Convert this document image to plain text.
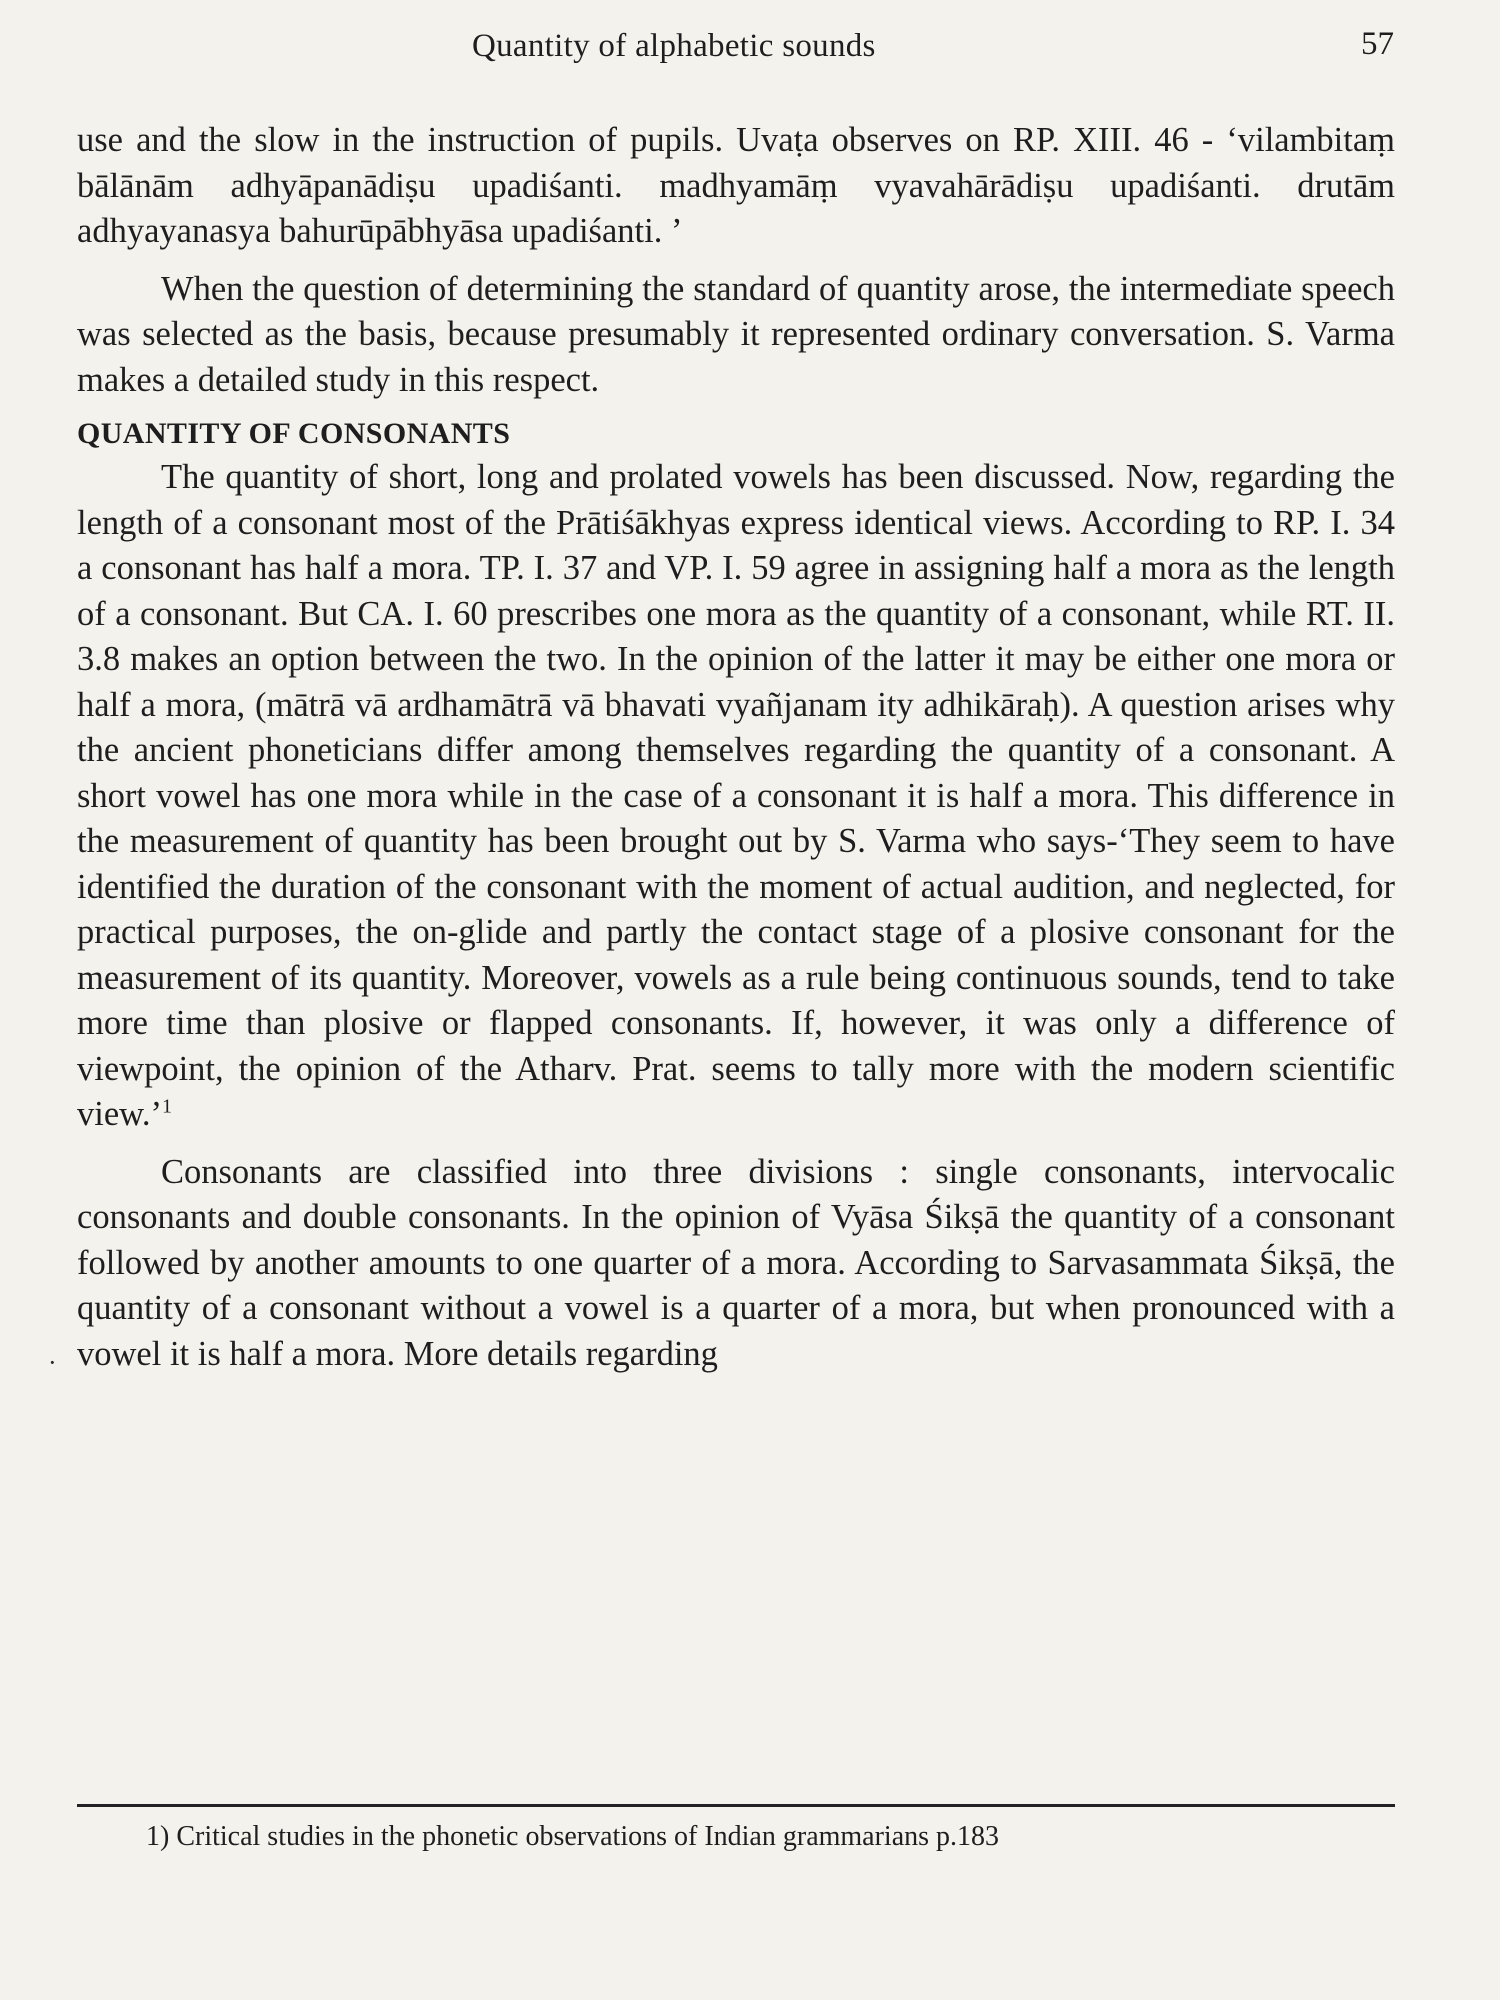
Quantity of alphabetic sounds	57

use and the slow in the instruction of pupils. Uvaṭa observes on RP. XIII. 46 - ‘vilambitaṃ bālānām adhyāpanādiṣu upadiśanti. madhyamāṃ vyavahārādiṣu upadiśanti. drutām adhyayanasya bahurūpābhyāsa upadiśanti. ’

When the question of determining the standard of quantity arose, the intermediate speech was selected as the basis, because presumably it represented ordinary conversation. S. Varma makes a detailed study in this respect.

QUANTITY OF CONSONANTS

The quantity of short, long and prolated vowels has been discussed. Now, regarding the length of a consonant most of the Prātiśākhyas express identical views. According to RP. I. 34 a consonant has half a mora. TP. I. 37 and VP. I. 59 agree in assigning half a mora as the length of a consonant. But CA. I. 60 prescribes one mora as the quantity of a consonant, while RT. II. 3.8 makes an option between the two. In the opinion of the latter it may be either one mora or half a mora, (mātrā vā ardhamātrā vā bhavati vyañjanam ity adhikāraḥ). A question arises why the ancient phoneticians differ among themselves regarding the quantity of a consonant. A short vowel has one mora while in the case of a consonant it is half a mora. This difference in the measurement of quantity has been brought out by S. Varma who says-‘They seem to have identified the duration of the consonant with the moment of actual audition, and neglected, for practical purposes, the on-glide and partly the contact stage of a plosive consonant for the measurement of its quantity. Moreover, vowels as a rule being continuous sounds, tend to take more time than plosive or flapped consonants. If, however, it was only a difference of viewpoint, the opinion of the Atharv. Prat. seems to tally more with the modern scientific view.’$^1$

Consonants are classified into three divisions : single consonants, intervocalic consonants and double consonants. In the opinion of Vyāsa Śikṣā the quantity of a consonant followed by another amounts to one quarter of a mora. According to Sarvasammata Śikṣā, the quantity of a consonant without a vowel is a quarter of a mora, but when pronounced with a vowel it is half a mora. More details regarding

1) Critical studies in the phonetic observations of Indian grammarians p.183
·
